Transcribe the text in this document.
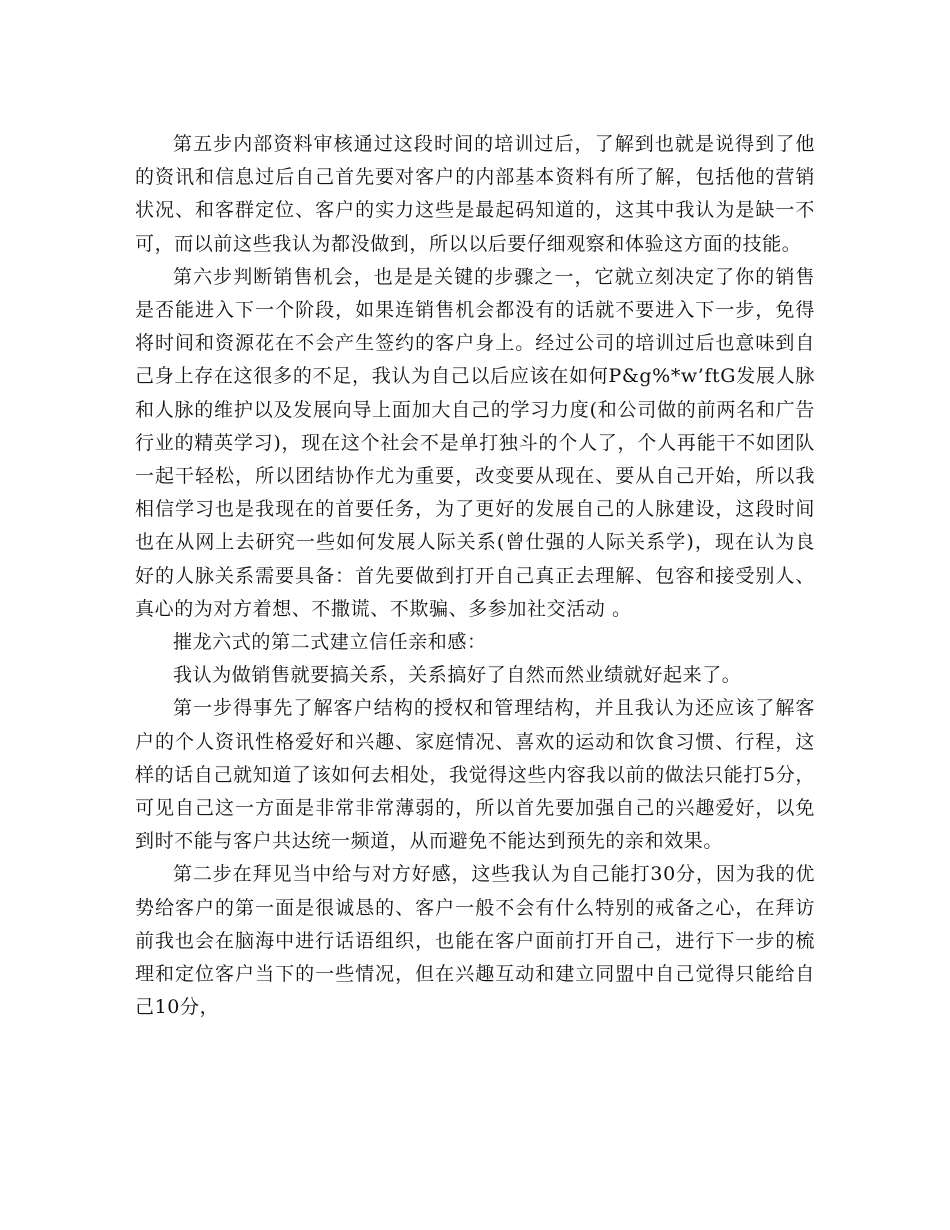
第五步内部资料审核通过这段时间的培训过后，了解到也就是说得到了他的资讯和信息过后自己首先要对客户的内部基本资料有所了解，包括他的营销状况、和客群定位、客户的实力这些是最起码知道的，这其中我认为是缺一不可，而以前这些我认为都没做到，所以以后要仔细观察和体验这方面的技能。

第六步判断销售机会，也是是关键的步骤之一，它就立刻决定了你的销售是否能进入下一个阶段，如果连销售机会都没有的话就不要进入下一步，免得将时间和资源花在不会产生签约的客户身上。经过公司的培训过后也意味到自己身上存在这很多的不足，我认为自己以后应该在如何P&g%*w’ftG发展人脉和人脉的维护以及发展向导上面加大自己的学习力度(和公司做的前两名和广告行业的精英学习)，现在这个社会不是单打独斗的个人了，个人再能干不如团队一起干轻松，所以团结协作尤为重要，改变要从现在、要从自己开始，所以我相信学习也是我现在的首要任务，为了更好的发展自己的人脉建设，这段时间也在从网上去研究一些如何发展人际关系(曾仕强的人际关系学)，现在认为良好的人脉关系需要具备：首先要做到打开自己真正去理解、包容和接受别人、真心的为对方着想、不撒谎、不欺骗、多参加社交活动 。

摧龙六式的第二式建立信任亲和感：

我认为做销售就要搞关系，关系搞好了自然而然业绩就好起来了。

第一步得事先了解客户结构的授权和管理结构，并且我认为还应该了解客户的个人资讯性格爱好和兴趣、家庭情况、喜欢的运动和饮食习惯、行程，这样的话自己就知道了该如何去相处，我觉得这些内容我以前的做法只能打5分，可见自己这一方面是非常非常薄弱的，所以首先要加强自己的兴趣爱好，以免到时不能与客户共达统一频道，从而避免不能达到预先的亲和效果。

第二步在拜见当中给与对方好感，这些我认为自己能打30分，因为我的优势给客户的第一面是很诚恳的、客户一般不会有什么特别的戒备之心，在拜访前我也会在脑海中进行话语组织，也能在客户面前打开自己，进行下一步的梳理和定位客户当下的一些情况，但在兴趣互动和建立同盟中自己觉得只能给自己10分，
